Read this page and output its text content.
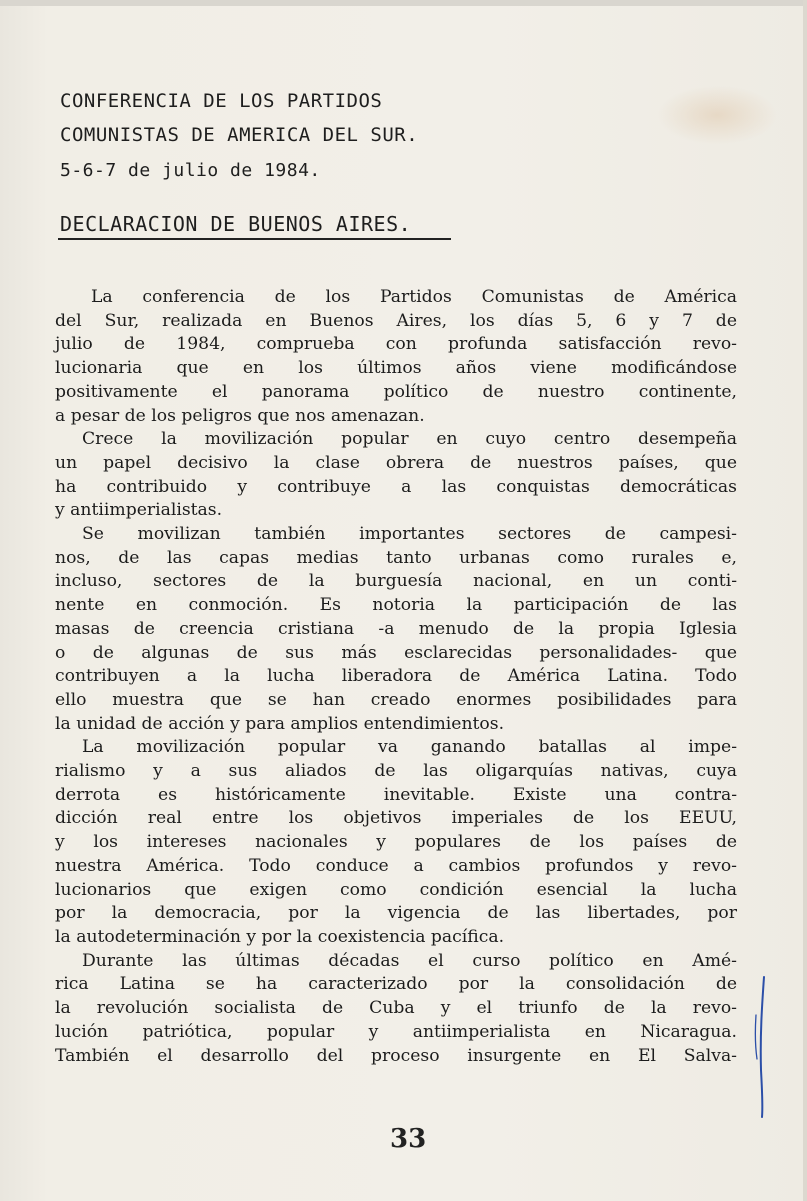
CONFERENCIA DE LOS PARTIDOS
COMUNISTAS DE AMERICA DEL SUR.
5-6-7 de julio de 1984.
DECLARACION DE BUENOS AIRES.
La conferencia de los Partidos Comunistas de América
del Sur, realizada en Buenos Aires, los días 5, 6 y 7 de
julio de 1984, comprueba con profunda satisfacción revo-
lucionaria que en los últimos años viene modificándose
positivamente el panorama político de nuestro continente,
a pesar de los peligros que nos amenazan.
Crece la movilización popular en cuyo centro desempeña
un papel decisivo la clase obrera de nuestros países, que
ha contribuido y contribuye a las conquistas democráticas
y antiimperialistas.
Se movilizan también importantes sectores de campesi-
nos, de las capas medias tanto urbanas como rurales e,
incluso, sectores de la burguesía nacional, en un conti-
nente en conmoción. Es notoria la participación de las
masas de creencia cristiana -a menudo de la propia Iglesia
o de algunas de sus más esclarecidas personalidades- que
contribuyen a la lucha liberadora de América Latina. Todo
ello muestra que se han creado enormes posibilidades para
la unidad de acción y para amplios entendimientos.
La movilización popular va ganando batallas al impe-
rialismo y a sus aliados de las oligarquías nativas, cuya
derrota es históricamente inevitable. Existe una contra-
dicción real entre los objetivos imperiales de los EEUU,
y los intereses nacionales y populares de los países de
nuestra América. Todo conduce a cambios profundos y revo-
lucionarios que exigen como condición esencial la lucha
por la democracia, por la vigencia de las libertades, por
la autodeterminación y por la coexistencia pacífica.
Durante las últimas décadas el curso político en Amé-
rica Latina se ha caracterizado por la consolidación de
la revolución socialista de Cuba y el triunfo de la revo-
lución patriótica, popular y antiimperialista en Nicaragua.
También el desarrollo del proceso insurgente en El Salva-
33
